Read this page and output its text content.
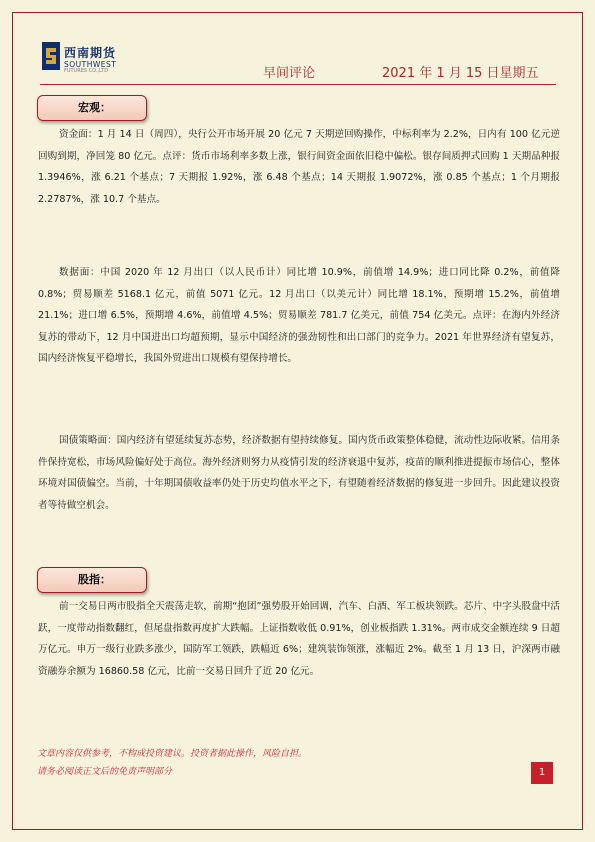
西南期货
SOUTHWEST
FUTURES CO.,LTD	早间评论	2021 年 1 月 15 日星期五
宏观：
资金面：1 月 14 日（周四），央行公开市场开展 20 亿元 7 天期逆回购操作，中标利率为 2.2%，日内有 100 亿元逆回购到期，净回笼 80 亿元。点评：货币市场利率多数上涨，银行间资金面依旧稳中偏松。银存间质押式回购 1 天期品种报 1.3946%，涨 6.21 个基点；7 天期报 1.92%，涨 6.48 个基点；14 天期报 1.9072%，涨 0.85 个基点；1 个月期报 2.2787%，涨 10.7 个基点。
数据面：中国 2020 年 12 月出口（以人民币计）同比增 10.9%，前值增 14.9%；进口同比降 0.2%，前值降 0.8%；贸易顺差 5168.1 亿元，前值 5071 亿元。12 月出口（以美元计）同比增 18.1%，预期增 15.2%，前值增 21.1%；进口增 6.5%，预期增 4.6%，前值增 4.5%；贸易顺差 781.7 亿美元，前值 754 亿美元。点评：在海内外经济复苏的带动下，12 月中国进出口均超预期，显示中国经济的强劲韧性和出口部门的竞争力。2021 年世界经济有望复苏，国内经济恢复平稳增长，我国外贸进出口规模有望保持增长。
国债策略面：国内经济有望延续复苏态势，经济数据有望持续修复。国内货币政策整体稳健，流动性边际收紧。信用条件保持宽松，市场风险偏好处于高位。海外经济则努力从疫情引发的经济衰退中复苏，疫苗的顺利推进提振市场信心，整体环境对国债偏空。当前，十年期国债收益率仍处于历史均值水平之下，有望随着经济数据的修复进一步回升。因此建议投资者等待做空机会。
股指：
前一交易日两市股指全天震荡走软，前期“抱团”强势股开始回调，汽车、白酒、军工板块领跌。芯片、中字头股盘中活跃，一度带动指数翻红，但尾盘指数再度扩大跌幅。上证指数收低 0.91%，创业板指跌 1.31%。两市成交金额连续 9 日超万亿元。申万一级行业跌多涨少，国防军工领跌，跌幅近 6%；建筑装饰领涨，涨幅近 2%。截至 1 月 13 日，沪深两市融资融券余额为 16860.58 亿元，比前一交易日回升了近 20 亿元。
文章内容仅供参考，不构成投资建议。投资者据此操作，风险自担。
请务必阅读正文后的免责声明部分	1
